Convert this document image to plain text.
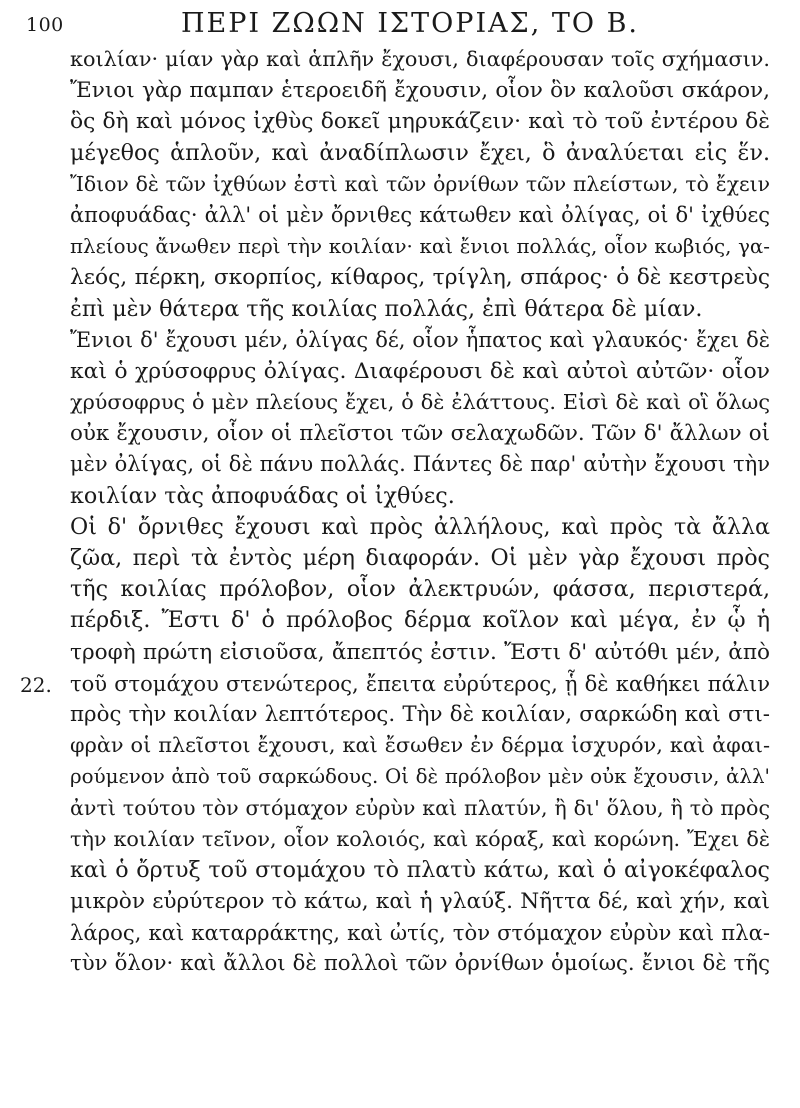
100	ΠΕΡΙ ΖΩΩΝ ΙΣΤΟΡΙΑΣ, ΤΟ Β.
κοιλίαν· μίαν γὰρ καὶ ἁπλῆν ἔχουσι, διαφέρουσαν τοῖς σχήμασιν.
Ἔνιοι γὰρ παμπαν ἑτεροειδῆ ἔχουσιν, οἷον ὃν καλοῦσι σκάρον,
ὃς δὴ καὶ μόνος ἰχθὺς δοκεῖ μηρυκάζειν· καὶ τὸ τοῦ ἐντέρου δὲ
μέγεθος ἁπλοῦν, καὶ ἀναδίπλωσιν ἔχει, ὃ ἀναλύεται εἰς ἕν.
Ἴδιον δὲ τῶν ἰχθύων ἐστὶ καὶ τῶν ὀρνίθων τῶν πλείστων, τὸ ἔχειν
ἀποφυάδας· ἀλλ' οἱ μὲν ὄρνιθες κάτωθεν καὶ ὀλίγας, οἱ δ' ἰχθύες
πλείους ἄνωθεν περὶ τὴν κοιλίαν· καὶ ἔνιοι πολλάς, οἷον κωβιός, γα-
λεός, πέρκη, σκορπίος, κίθαρος, τρίγλη, σπάρος· ὁ δὲ κεστρεὺς
ἐπὶ μὲν θάτερα τῆς κοιλίας πολλάς, ἐπὶ θάτερα δὲ μίαν.
Ἔνιοι δ' ἔχουσι μέν, ὀλίγας δέ, οἷον ἧπατος καὶ γλαυκός· ἔχει δὲ
καὶ ὁ χρύσοφρυς ὀλίγας. Διαφέρουσι δὲ καὶ αὐτοὶ αὐτῶν· οἷον
χρύσοφρυς ὁ μὲν πλείους ἔχει, ὁ δὲ ἐλάττους. Εἰσὶ δὲ καὶ οἳ ὅλως
οὐκ ἔχουσιν, οἷον οἱ πλεῖστοι τῶν σελαχωδῶν. Τῶν δ' ἄλλων οἱ
μὲν ὀλίγας, οἱ δὲ πάνυ πολλάς. Πάντες δὲ παρ' αὐτὴν ἔχουσι τὴν
κοιλίαν τὰς ἀποφυάδας οἱ ἰχθύες.
Οἱ δ' ὄρνιθες ἔχουσι καὶ πρὸς ἀλλήλους, καὶ πρὸς τὰ ἄλλα
ζῶα, περὶ τὰ ἐντὸς μέρη διαφοράν. Οἱ μὲν γὰρ ἔχουσι πρὸς
τῆς κοιλίας πρόλοβον, οἷον ἀλεκτρυών, φάσσα, περιστερά,
πέρδιξ. Ἔστι δ' ὁ πρόλοβος δέρμα κοῖλον καὶ μέγα, ἐν ᾧ ἡ
τροφὴ πρώτη εἰσιοῦσα, ἄπεπτός ἐστιν. Ἔστι δ' αὐτόθι μέν, ἀπὸ
τοῦ στομάχου στενώτερος, ἔπειτα εὐρύτερος, ᾗ δὲ καθήκει πάλιν
πρὸς τὴν κοιλίαν λεπτότερος. Τὴν δὲ κοιλίαν, σαρκώδη καὶ στι-
φρὰν οἱ πλεῖστοι ἔχουσι, καὶ ἔσωθεν ἐν δέρμα ἰσχυρόν, καὶ ἀφαι-
ρούμενον ἀπὸ τοῦ σαρκώδους. Οἱ δὲ πρόλοβον μὲν οὐκ ἔχουσιν, ἀλλ'
ἀντὶ τούτου τὸν στόμαχον εὐρὺν καὶ πλατύν, ἢ δι' ὅλου, ἢ τὸ πρὸς
τὴν κοιλίαν τεῖνον, οἷον κολοιός, καὶ κόραξ, καὶ κορώνη. Ἔχει δὲ
καὶ ὁ ὄρτυξ τοῦ στομάχου τὸ πλατὺ κάτω, καὶ ὁ αἰγοκέφαλος
μικρὸν εὐρύτερον τὸ κάτω, καὶ ἡ γλαύξ. Νῆττα δέ, καὶ χήν, καὶ
λάρος, καὶ καταρράκτης, καὶ ὠτίς, τὸν στόμαχον εὐρὺν καὶ πλα-
τὺν ὅλον· καὶ ἄλλοι δὲ πολλοὶ τῶν ὀρνίθων ὁμοίως. ἔνιοι δὲ τῆς
22.
